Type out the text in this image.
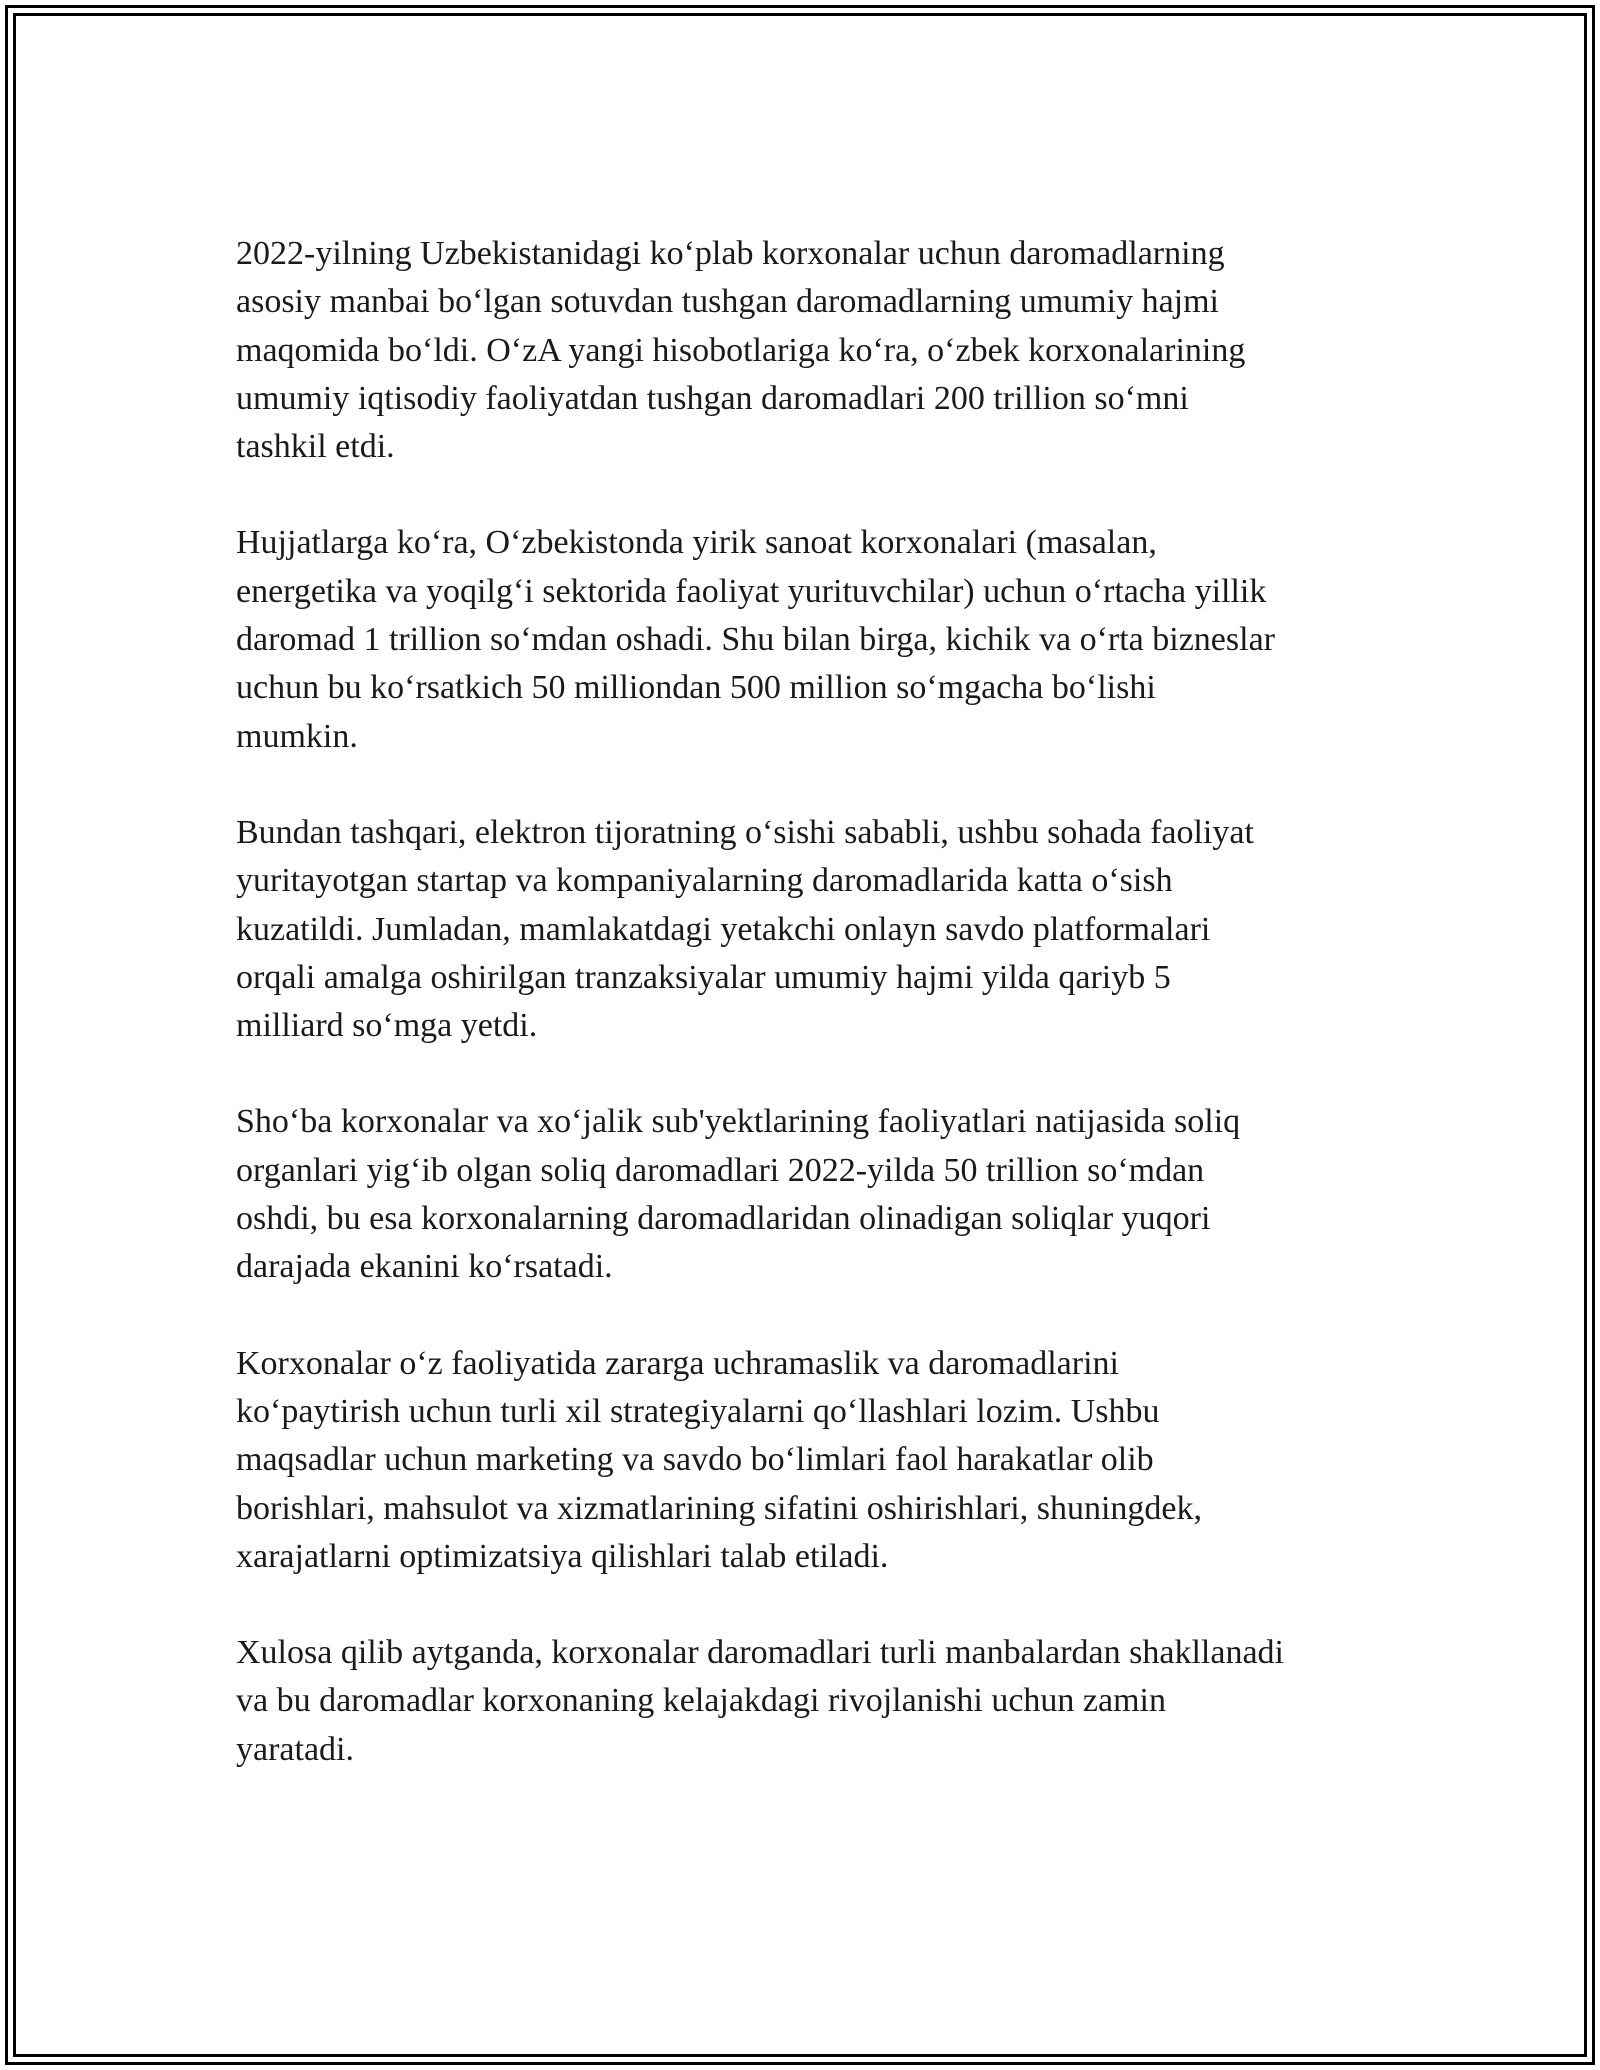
2022-yilning Uzbekistanidagi ko‘plab korxonalar uchun daromadlarning
asosiy manbai bo‘lgan sotuvdan tushgan daromadlarning umumiy hajmi
maqomida bo‘ldi. O‘zA yangi hisobotlariga ko‘ra, o‘zbek korxonalarining
umumiy iqtisodiy faoliyatdan tushgan daromadlari 200 trillion so‘mni
tashkil etdi.

Hujjatlarga ko‘ra, O‘zbekistonda yirik sanoat korxonalari (masalan,
energetika va yoqilg‘i sektorida faoliyat yurituvchilar) uchun o‘rtacha yillik
daromad 1 trillion so‘mdan oshadi. Shu bilan birga, kichik va o‘rta bizneslar
uchun bu ko‘rsatkich 50 milliondan 500 million so‘mgacha bo‘lishi
mumkin.

Bundan tashqari, elektron tijoratning o‘sishi sababli, ushbu sohada faoliyat
yuritayotgan startap va kompaniyalarning daromadlarida katta o‘sish
kuzatildi. Jumladan, mamlakatdagi yetakchi onlayn savdo platformalari
orqali amalga oshirilgan tranzaksiyalar umumiy hajmi yilda qariyb 5
milliard so‘mga yetdi.

Sho‘ba korxonalar va xo‘jalik sub'yektlarining faoliyatlari natijasida soliq
organlari yig‘ib olgan soliq daromadlari 2022-yilda 50 trillion so‘mdan
oshdi, bu esa korxonalarning daromadlaridan olinadigan soliqlar yuqori
darajada ekanini ko‘rsatadi.

Korxonalar o‘z faoliyatida zararga uchramaslik va daromadlarini
ko‘paytirish uchun turli xil strategiyalarni qo‘llashlari lozim. Ushbu
maqsadlar uchun marketing va savdo bo‘limlari faol harakatlar olib
borishlari, mahsulot va xizmatlarining sifatini oshirishlari, shuningdek,
xarajatlarni optimizatsiya qilishlari talab etiladi.

Xulosa qilib aytganda, korxonalar daromadlari turli manbalardan shakllanadi
va bu daromadlar korxonaning kelajakdagi rivojlanishi uchun zamin
yaratadi.
